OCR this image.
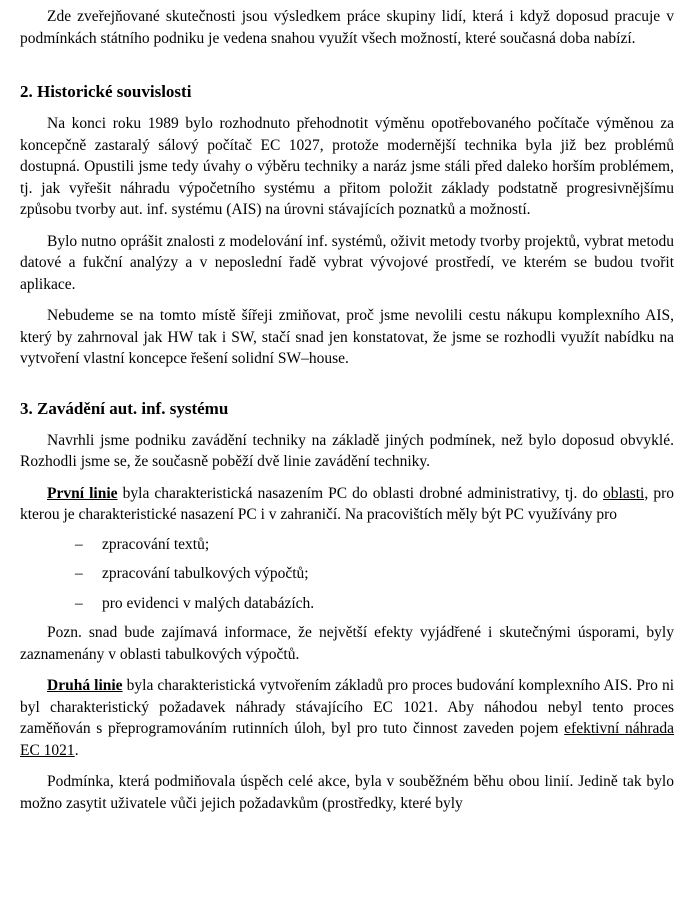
Zde zveřejňované skutečnosti jsou výsledkem práce skupiny lidí, která i když doposud pracuje v podmínkách státního podniku je vedena snahou využít všech možností, které současná doba nabízí.

2. Historické souvislosti

Na konci roku 1989 bylo rozhodnuto přehodnotit výměnu opotřebovaného počítače výměnou za koncepčně zastaralý sálový počítač EC 1027, protože modernější technika byla již bez problémů dostupná. Opustili jsme tedy úvahy o výběru techniky a naráz jsme stáli před daleko horším problémem, tj. jak vyřešit náhradu výpočetního systému a přitom položit základy podstatně progresivnějšímu způsobu tvorby aut. inf. systému (AIS) na úrovni stávajících poznatků a možností.

Bylo nutno oprášit znalosti z modelování inf. systémů, oživit metody tvorby projektů, vybrat metodu datové a fukční analýzy a v neposlední řadě vybrat vývojové prostředí, ve kterém se budou tvořit aplikace.

Nebudeme se na tomto místě šířeji zmiňovat, proč jsme nevolili cestu nákupu komplexního AIS, který by zahrnoval jak HW tak i SW, stačí snad jen konstatovat, že jsme se rozhodli využít nabídku na vytvoření vlastní koncepce řešení solidní SW–house.

3. Zavádění aut. inf. systému

Navrhli jsme podniku zavádění techniky na základě jiných podmínek, než bylo doposud obvyklé. Rozhodli jsme se, že současně poběží dvě linie zavádění techniky.

První linie byla charakteristická nasazením PC do oblasti drobné administrativy, tj. do oblasti, pro kterou je charakteristické nasazení PC i v zahraničí. Na pracovištích měly být PC využívány pro

– zpracování textů;
– zpracování tabulkových výpočtů;
– pro evidenci v malých databázích.

Pozn. snad bude zajímavá informace, že největší efekty vyjádřené i skutečnými úsporami, byly zaznamenány v oblasti tabulkových výpočtů.

Druhá linie byla charakteristická vytvořením základů pro proces budování komplexního AIS. Pro ni byl charakteristický požadavek náhrady stávajícího EC 1021. Aby náhodou nebyl tento proces zaměňován s přeprogramováním rutinních úloh, byl pro tuto činnost zaveden pojem efektivní náhrada EC 1021.

Podmínka, která podmiňovala úspěch celé akce, byla v souběžném běhu obou linií. Jedině tak bylo možno zasytit uživatele vůči jejich požadavkům (prostředky, které byly
